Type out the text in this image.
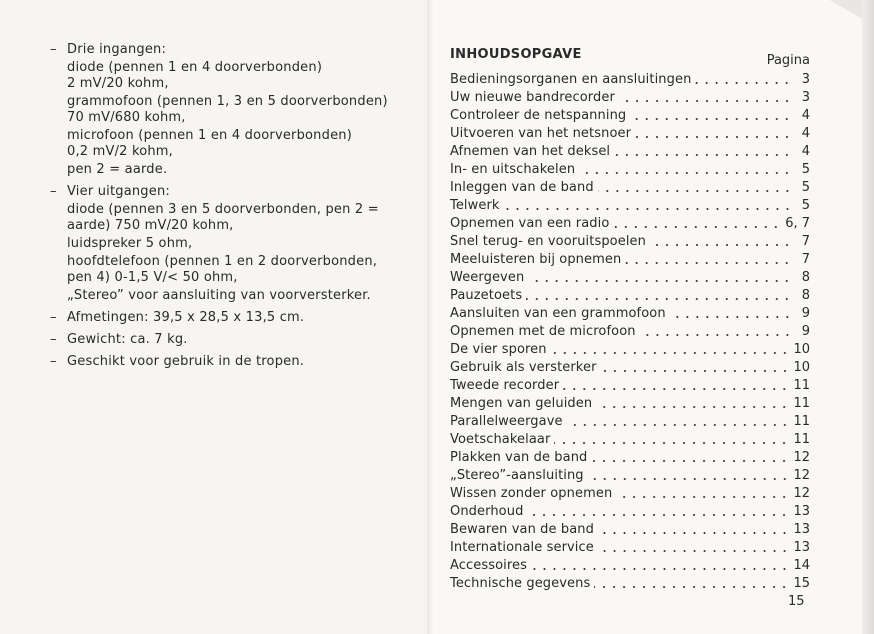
– Drie ingangen:
diode (pennen 1 en 4 doorverbonden)
2 mV/20 kohm,
grammofoon (pennen 1, 3 en 5 doorverbonden)
70 mV/680 kohm,
microfoon (pennen 1 en 4 doorverbonden)
0,2 mV/2 kohm,
pen 2 = aarde.
– Vier uitgangen:
diode (pennen 3 en 5 doorverbonden, pen 2 =
aarde) 750 mV/20 kohm,
luidspreker 5 ohm,
hoofdtelefoon (pennen 1 en 2 doorverbonden,
pen 4) 0-1,5 V/< 50 ohm,
„Stereo” voor aansluiting van voorversterker.
– Afmetingen: 39,5 x 28,5 x 13,5 cm.
– Gewicht: ca. 7 kg.
– Geschikt voor gebruik in de tropen.
INHOUDSOPGAVE	Pagina
Bedieningsorganen en aansluitingen	3
Uw nieuwe bandrecorder	3
Controleer de netspanning	4
Uitvoeren van het netsnoer	4
Afnemen van het deksel	4
In- en uitschakelen	5
Inleggen van de band	5
Telwerk	5
Opnemen van een radio	6, 7
Snel terug- en vooruitspoelen	7
Meeluisteren bij opnemen	7
Weergeven	8
Pauzetoets	8
Aansluiten van een grammofoon	9
Opnemen met de microfoon	9
De vier sporen	10
Gebruik als versterker	10
Tweede recorder	11
Mengen van geluiden	11
Parallelweergave	11
Voetschakelaar	11
Plakken van de band	12
„Stereo”-aansluiting	12
Wissen zonder opnemen	12
Onderhoud	13
Bewaren van de band	13
Internationale service	13
Accessoires	14
Technische gegevens	15
15
